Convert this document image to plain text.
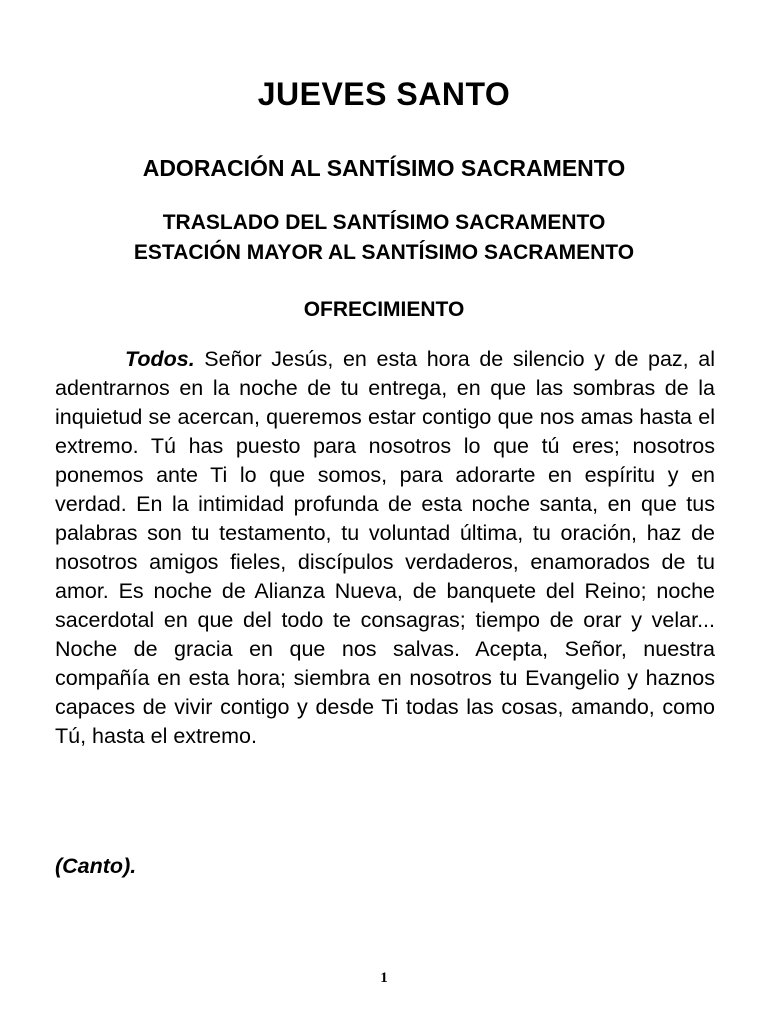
JUEVES SANTO
ADORACIÓN AL SANTÍSIMO SACRAMENTO
TRASLADO DEL SANTÍSIMO SACRAMENTO
ESTACIÓN MAYOR AL SANTÍSIMO SACRAMENTO
OFRECIMIENTO

Todos. Señor Jesús, en esta hora de silencio y de paz, al adentrarnos en la noche de tu entrega, en que las sombras de la inquietud se acercan, queremos estar contigo que nos amas hasta el extremo. Tú has puesto para nosotros lo que tú eres; nosotros ponemos ante Ti lo que somos, para adorarte en espíritu y en verdad. En la intimidad profunda de esta noche santa, en que tus palabras son tu testamento, tu voluntad última, tu oración, haz de nosotros amigos fieles, discípulos verdaderos, enamorados de tu amor. Es noche de Alianza Nueva, de banquete del Reino; noche sacerdotal en que del todo te consagras; tiempo de orar y velar... Noche de gracia en que nos salvas. Acepta, Señor, nuestra compañía en esta hora; siembra en nosotros tu Evangelio y haznos capaces de vivir contigo y desde Ti todas las cosas, amando, como Tú, hasta el extremo.

(Canto).
1
